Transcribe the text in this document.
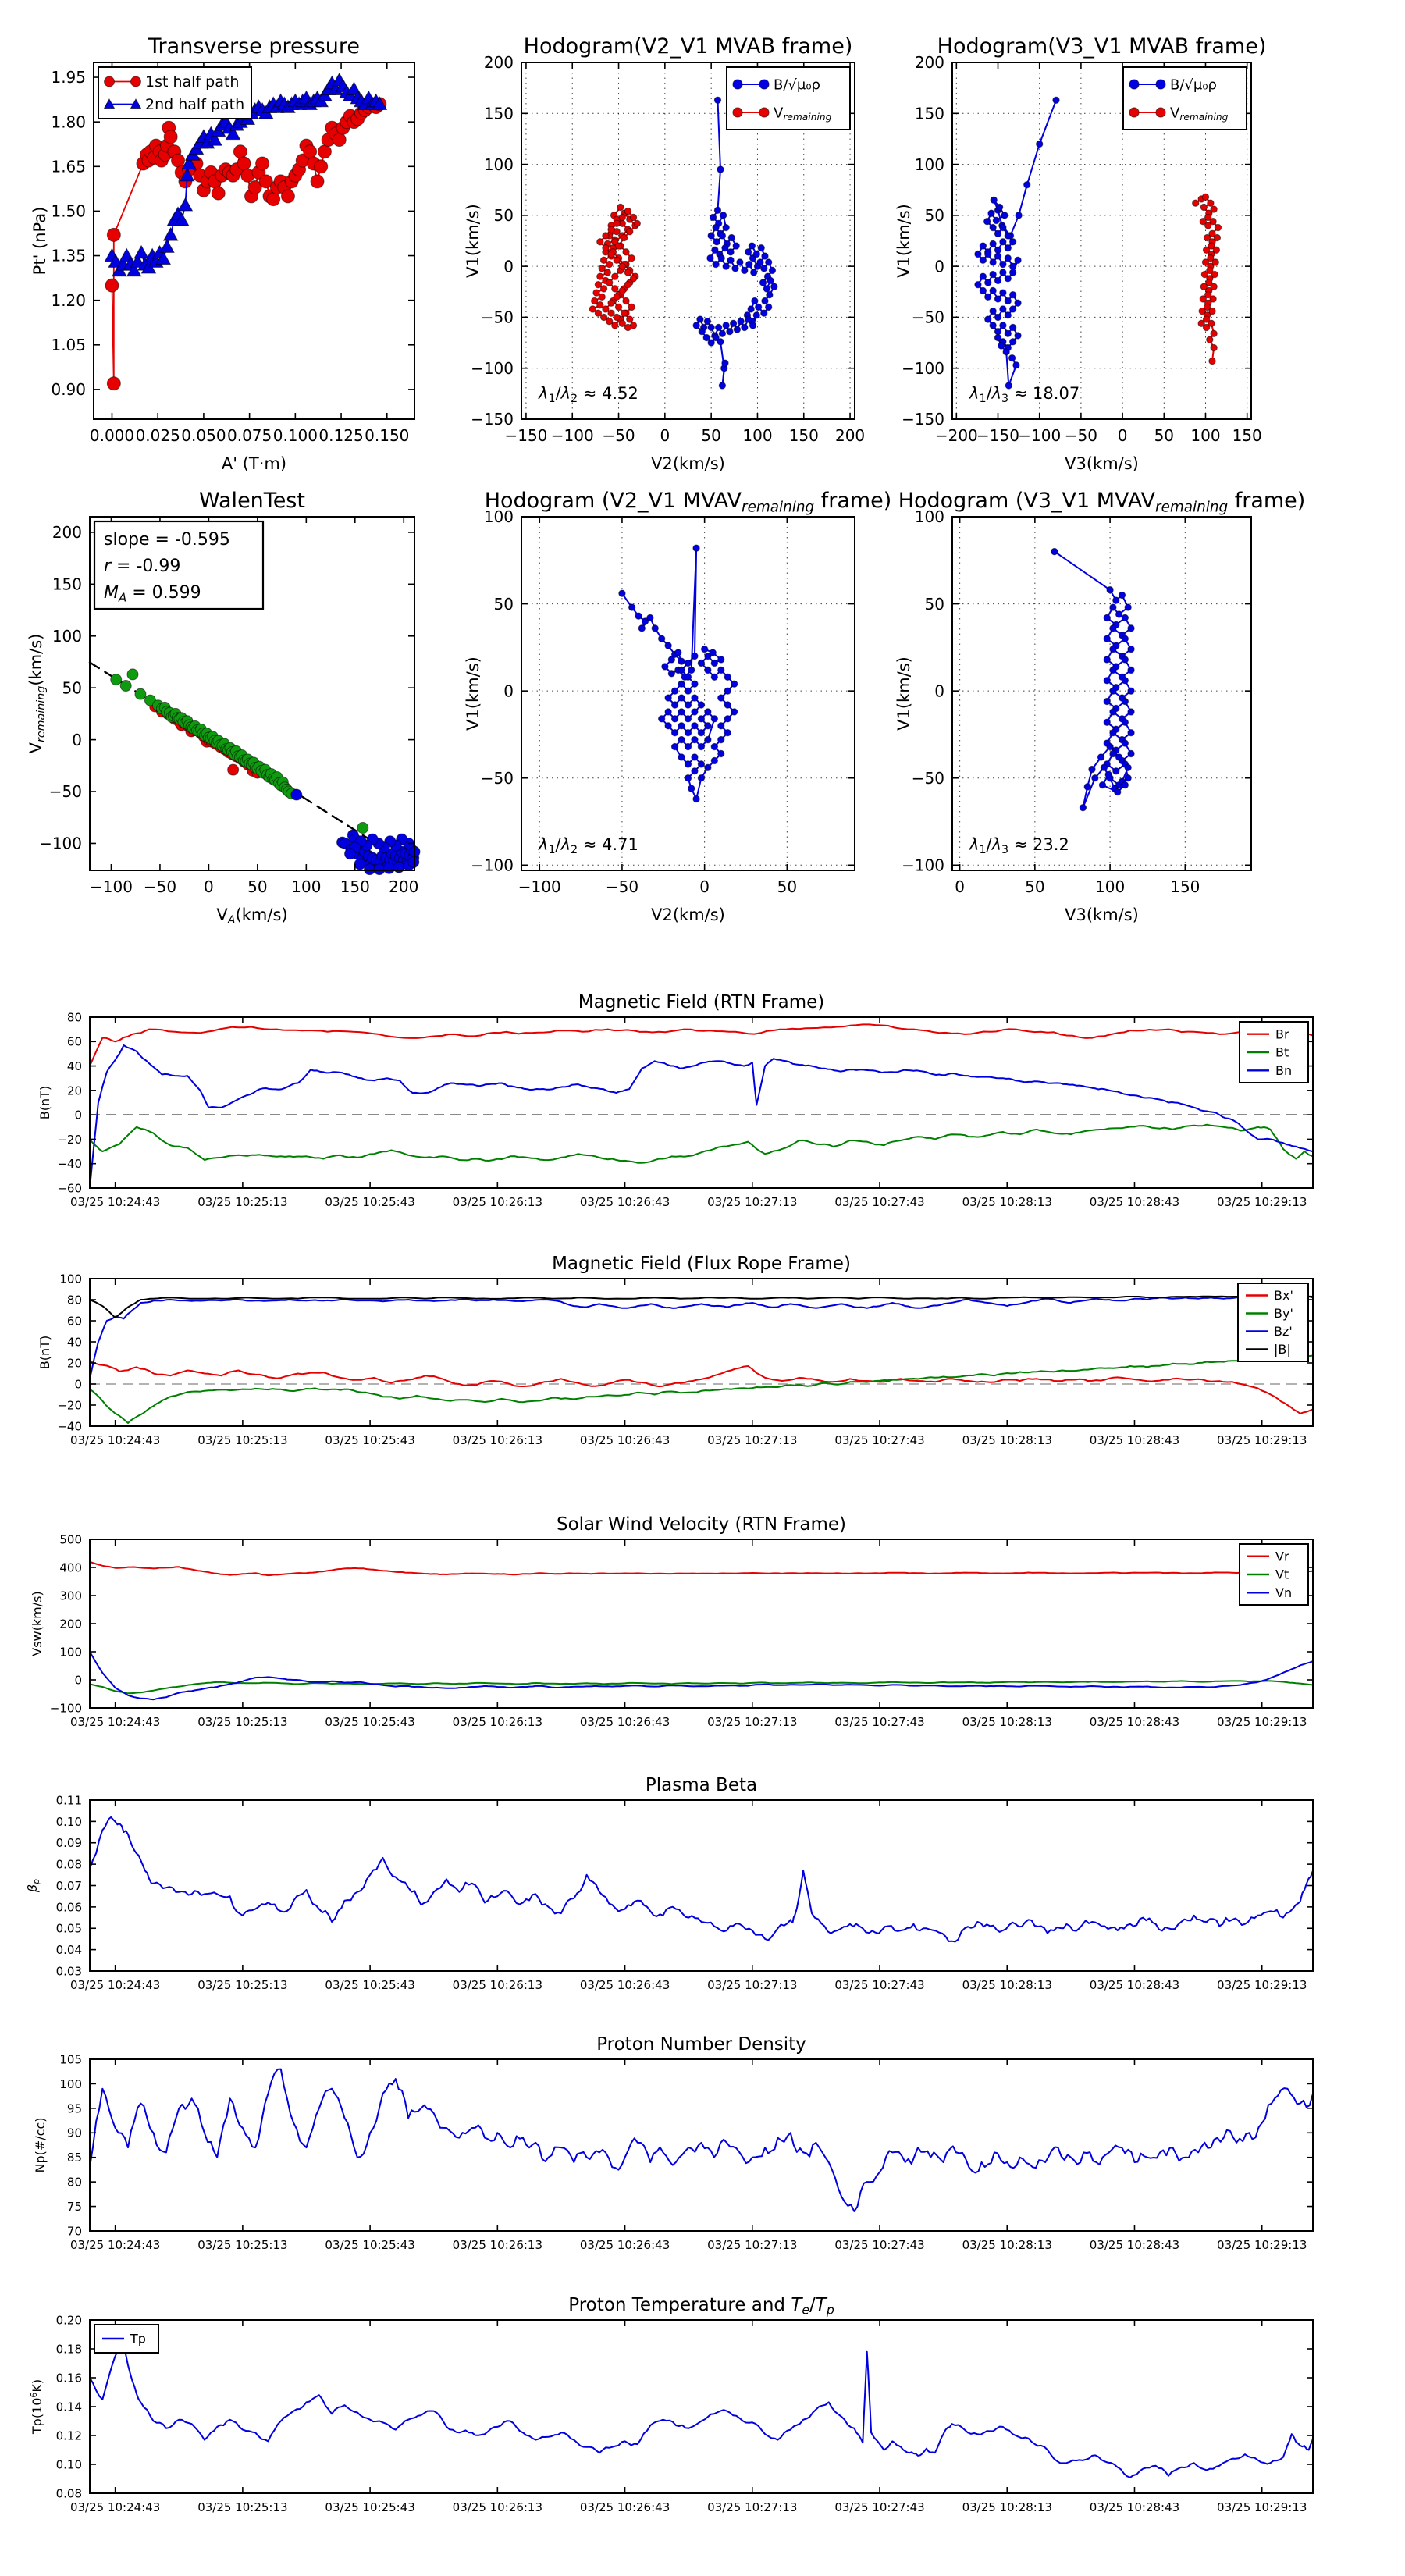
0.000 0.025 0.050 0.075 0.100 0.125 0.150
0.90
1.05
1.20
1.35
1.50
1.65
1.80
1.95
Transverse pressure
A' (T·m)
Pt' (nPa)
1st half path
2nd half path
−150 −100 −50 0 50 100 150 200
−150
−100
−50
0
50
100
150
200
Hodogram(V2_V1 MVAB frame)
V2(km/s)
V1(km/s)
$\lambda_1/\lambda_2 \approx 4.52$
B/√μ₀ρ
$V_{remaining}$
−200
−150
−100 −50 0 50 100 150
−150
−100
−50
0
50
100
150
200
Hodogram(V3_V1 MVAB frame)
V3(km/s)
V1(km/s)
$\lambda_1/\lambda_3 \approx 18.07$
B/√μ₀ρ
$V_{remaining}$
−100 −50 0 50 100 150 200
−100
−50
0
50
100
150
200
WalenTest
$V_A(km/s)$
$V_{remaining}(km/s)$
slope = -0.595
r = -0.99
$M_A = 0.599$
−100	−50	0	50
−100
−50
0
50
100
Hodogram (V2_V1 $MVAV_{remaining}$ frame)
V2(km/s)
V1(km/s)
$\lambda_1/\lambda_2 \approx 4.71$
0	50	100	150
−100
−50
0
50
100
Hodogram (V3_V1 $MVAV_{remaining}$ frame)
V3(km/s)
V1(km/s)
$\lambda_1/\lambda_3 \approx 23.2$
03/25 10:24:43	03/25 10:25:13	03/25 10:25:43	03/25 10:26:13	03/25 10:26:43	03/25 10:27:13	03/25 10:27:43	03/25 10:28:13	03/25 10:28:43	03/25 10:29:13
80
60
40
20
0
−20
−40
−60
Magnetic Field (RTN Frame)
B(nT)
Br
Bt
Bn
03/25 10:24:43	03/25 10:25:13	03/25 10:25:43	03/25 10:26:13	03/25 10:26:43	03/25 10:27:13	03/25 10:27:43	03/25 10:28:13	03/25 10:28:43	03/25 10:29:13
100
80
60
40
20
0
−20
−40
Magnetic Field (Flux Rope Frame)
B(nT)
Bx'
By'
Bz'
|B|
03/25 10:24:43	03/25 10:25:13	03/25 10:25:43	03/25 10:26:13	03/25 10:26:43	03/25 10:27:13	03/25 10:27:43	03/25 10:28:13	03/25 10:28:43	03/25 10:29:13
500
400
300
200
100
0
−100
Solar Wind Velocity (RTN Frame)
Vsw(km/s)
Vr
Vt
Vn
03/25 10:24:43	03/25 10:25:13	03/25 10:25:43	03/25 10:26:13	03/25 10:26:43	03/25 10:27:13	03/25 10:27:43	03/25 10:28:13	03/25 10:28:43	03/25 10:29:13
0.11
0.10
0.09
0.08
0.07
0.06
0.05
0.04
0.03
Plasma Beta
$\beta_p$
03/25 10:24:43	03/25 10:25:13	03/25 10:25:43	03/25 10:26:13	03/25 10:26:43	03/25 10:27:13	03/25 10:27:43	03/25 10:28:13	03/25 10:28:43	03/25 10:29:13
105
100
95
90
85
80
75
70
Proton Number Density
Np(#/cc)
03/25 10:24:43	03/25 10:25:13	03/25 10:25:43	03/25 10:26:13	03/25 10:26:43	03/25 10:27:13	03/25 10:27:43	03/25 10:28:13	03/25 10:28:43	03/25 10:29:13
0.20
0.18
0.16
0.14
0.12
0.10
0.08
Proton Temperature and $T_e/T_p$
$Tp(10^6K)$
Tp
